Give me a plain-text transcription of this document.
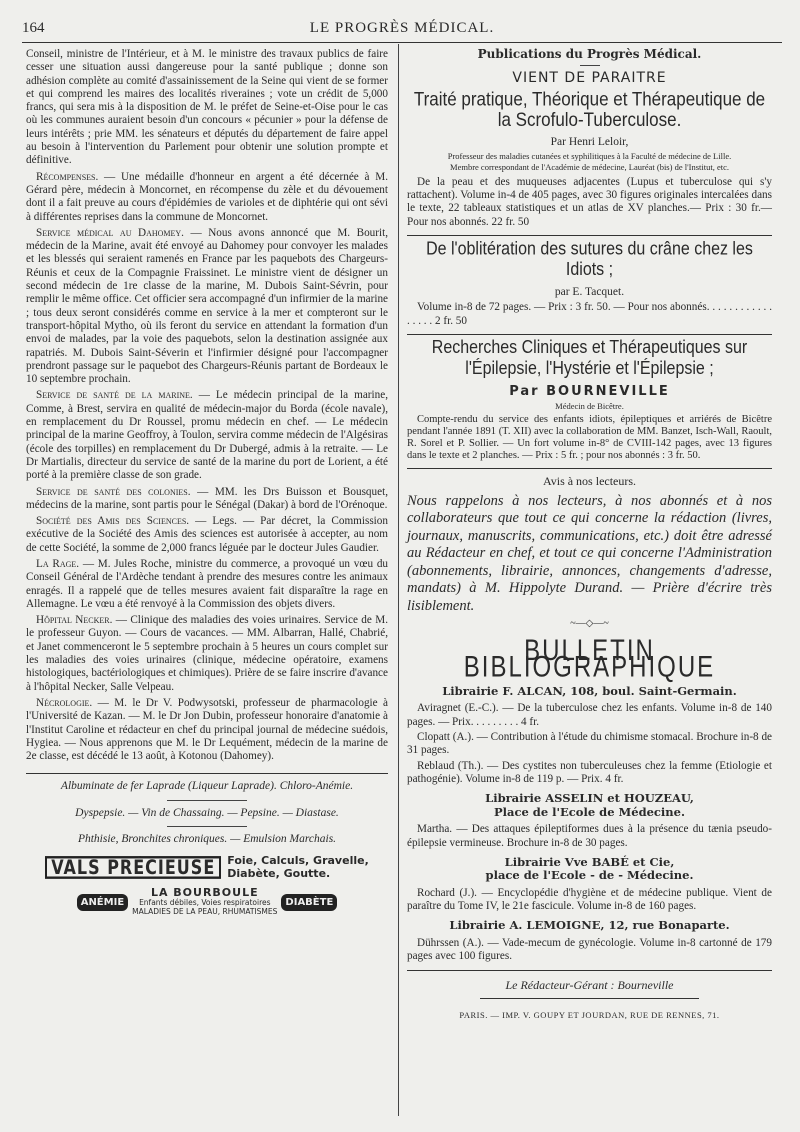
164	LE PROGRÈS MÉDICAL.

Conseil, ministre de l'Intérieur, et à M. le ministre des travaux publics de faire cesser une situation aussi dangereuse pour la santé publique ; donne son adhésion complète au comité d'assainissement de la Seine qui vient de se former et qui comprend les maires des localités riveraines ; vote un crédit de 5,000 francs, qui sera mis à la disposition de M. le préfet de Seine-et-Oise pour le cas où les communes auraient besoin d'un concours « pécunier » pour la défense de leurs intérêts ; prie MM. les sénateurs et députés du département de faire appel au besoin à l'intervention du Parlement pour obtenir une solution prompte et définitive.

Récompenses. — Une médaille d'honneur en argent a été décernée à M. Gérard père, médecin à Moncornet, en récompense du zèle et du dévouement dont il a fait preuve au cours d'épidémies de varioles et de diphtérie qui ont sévi à différentes reprises dans la commune de Moncornet.

Service médical au Dahomey. — Nous avons annoncé que M. Bourit, médecin de la Marine, avait été envoyé au Dahomey pour convoyer les malades et les blessés qui seraient ramenés en France par les paquebots des Chargeurs-Réunis et ceux de la Compagnie Fraissinet. Le ministre vient de désigner un second médecin de 1re classe de la marine, M. Dubois Saint-Sévrin, pour remplir le même office. Cet officier sera accompagné d'un infirmier de la marine ; tous deux seront considérés comme en service à la mer et compteront sur le transport-hôpital Mytho, où ils feront du service en attendant la formation d'un envoi de malades, par la voie des paquebots, selon la destination assignée aux rapatriés. M. Dubois Saint-Séverin et l'infirmier désigné pour l'accompagner prendront passage sur le paquebot des Chargeurs-Réunis partant de Bordeaux le 10 septembre prochain.

Service de santé de la marine. — Le médecin principal de la marine, Comme, à Brest, servira en qualité de médecin-major du Borda (école navale), en remplacement du Dr Roussel, promu médecin en chef. — Le médecin principal de la marine Geoffroy, à Toulon, servira comme médecin de l'Algésiras (école des torpilles) en remplacement du Dr Dubergé, admis à la retraite. — Le Dr Martialis, directeur du service de santé de la marine du port de Lorient, a été porté à la première classe de son grade.

Service de santé des colonies. — MM. les Drs Buisson et Bousquet, médecins de la marine, sont partis pour le Sénégal (Dakar) à bord de l'Orénoque.

Société des Amis des Sciences. — Legs. — Par décret, la Commission exécutive de la Société des Amis des sciences est autorisée à accepter, au nom de cette Société, la somme de 2,000 francs léguée par le docteur Jules Gaudier.

La Rage. — M. Jules Roche, ministre du commerce, a provoqué un vœu du Conseil Général de l'Ardèche tendant à prendre des mesures contre les animaux enragés. Il a rappelé que de telles mesures avaient fait disparaître la rage en Allemagne. Le vœu a été renvoyé à la Commission des objets divers.

Hôpital Necker. — Clinique des maladies des voies urinaires. Service de M. le professeur Guyon. — Cours de vacances. — MM. Albarran, Hallé, Chabrié, et Janet commenceront le 5 septembre prochain à 5 heures un cours complet sur les maladies des voies urinaires (clinique, médecine opératoire, examens histologiques, bactériologiques et chimiques). Prière de se faire inscrire d'avance à l'hôpital Necker, Salle Velpeau.

Nécrologie. — M. le Dr V. Podwysotski, professeur de pharmacologie à l'Université de Kazan. — M. le Dr Jon Dubin, professeur honoraire d'anatomie à l'Institut Caroline et rédacteur en chef du principal journal de médecine suédois, Hygiea. — Nous apprenons que M. le Dr Lequément, médecin de la marine de 2e classe, est décédé le 13 août, à Kotonou (Dahomey).

Albuminate de fer Laprade (Liqueur Laprade). Chloro-Anémie.

Dyspepsie. — Vin de Chassaing. — Pepsine. — Diastase.

Phthisie, Bronchites chroniques. — Emulsion Marchais.

VALS PRÉCIEUSE	Foie, Calculs, Gravelle,
Diabète, Goutte.
ANÉMIE
LA BOURBOULE
Enfants débiles, Voies respiratoires
MALADIES DE LA PEAU, RHUMATISMES
DIABÈTE
Publications du Progrès Médical.
VIENT DE PARAITRE
Traité pratique, Théorique et Thérapeutique de la Scrofulo-Tuberculose.
Par Henri Leloir,
Professeur des maladies cutanées et syphilitiques à la Faculté de médecine de Lille.
Membre correspondant de l'Académie de médecine, Lauréat (bis) de l'Institut, etc.

De la peau et des muqueuses adjacentes (Lupus et tuberculose qui s'y rattachent). Volume in-4 de 405 pages, avec 30 figures originales intercalées dans le texte, 22 tableaux statistiques et un atlas de XV planches.— Prix : 30 fr.— Pour nos abonnés. 22 fr. 50

De l'oblitération des sutures du crâne chez les Idiots ;
par E. Tacquet.

Volume in-8 de 72 pages. — Prix : 3 fr. 50. — Pour nos abonnés. . . . . . . . . . . . . . . . . 2 fr. 50

Recherches Cliniques et Thérapeutiques sur l'Épilepsie, l'Hystérie et l'Épilepsie ;
Par BOURNEVILLE
Médecin de Bicêtre.

Compte-rendu du service des enfants idiots, épileptiques et arriérés de Bicêtre pendant l'année 1891 (T. XII) avec la collaboration de MM. Banzet, Isch-Wall, Raoult, R. Sorel et P. Sollier. — Un fort volume in-8° de CVIII-142 pages, avec 13 figures dans le texte et 2 planches. — Prix : 5 fr. ; pour nos abonnés : 3 fr. 50.

Avis à nos lecteurs.
Nous rappelons à nos lecteurs, à nos abonnés et à nos collaborateurs que tout ce qui concerne la rédaction (livres, journaux, manuscrits, communications, etc.) doit être adressé au Rédacteur en chef, et tout ce qui concerne l'Administration (abonnements, librairie, annonces, changements d'adresse, mandats) à M. Hippolyte Durand. — Prière d'écrire très lisiblement.
~—◇—~
BULLETIN BIBLIOGRAPHIQUE
Librairie F. ALCAN, 108, boul. Saint-Germain.

Aviragnet (E.-C.). — De la tuberculose chez les enfants. Volume in-8 de 140 pages. — Prix. . . . . . . . . 4 fr.

Clopatt (A.). — Contribution à l'étude du chimisme stomacal. Brochure in-8 de 31 pages.

Reblaud (Th.). — Des cystites non tuberculeuses chez la femme (Etiologie et pathogénie). Volume in-8 de 119 p. — Prix. 4 fr.

Librairie ASSELIN et HOUZEAU,
Place de l'Ecole de Médecine.

Martha. — Des attaques épileptiformes dues à la présence du tænia pseudo-épilepsie vermineuse. Brochure in-8 de 30 pages.

Librairie Vve BABÉ et Cie,
place de l'Ecole - de - Médecine.

Rochard (J.). — Encyclopédie d'hygiène et de médecine publique. Vient de paraître du Tome IV, le 21e fascicule. Volume in-8 de 160 pages.

Librairie A. LEMOIGNE, 12, rue Bonaparte.

Dührssen (A.). — Vade-mecum de gynécologie. Volume in-8 cartonné de 179 pages avec 100 figures.

Le Rédacteur-Gérant : Bourneville
PARIS. — IMP. V. GOUPY ET JOURDAN, RUE DE RENNES, 71.
